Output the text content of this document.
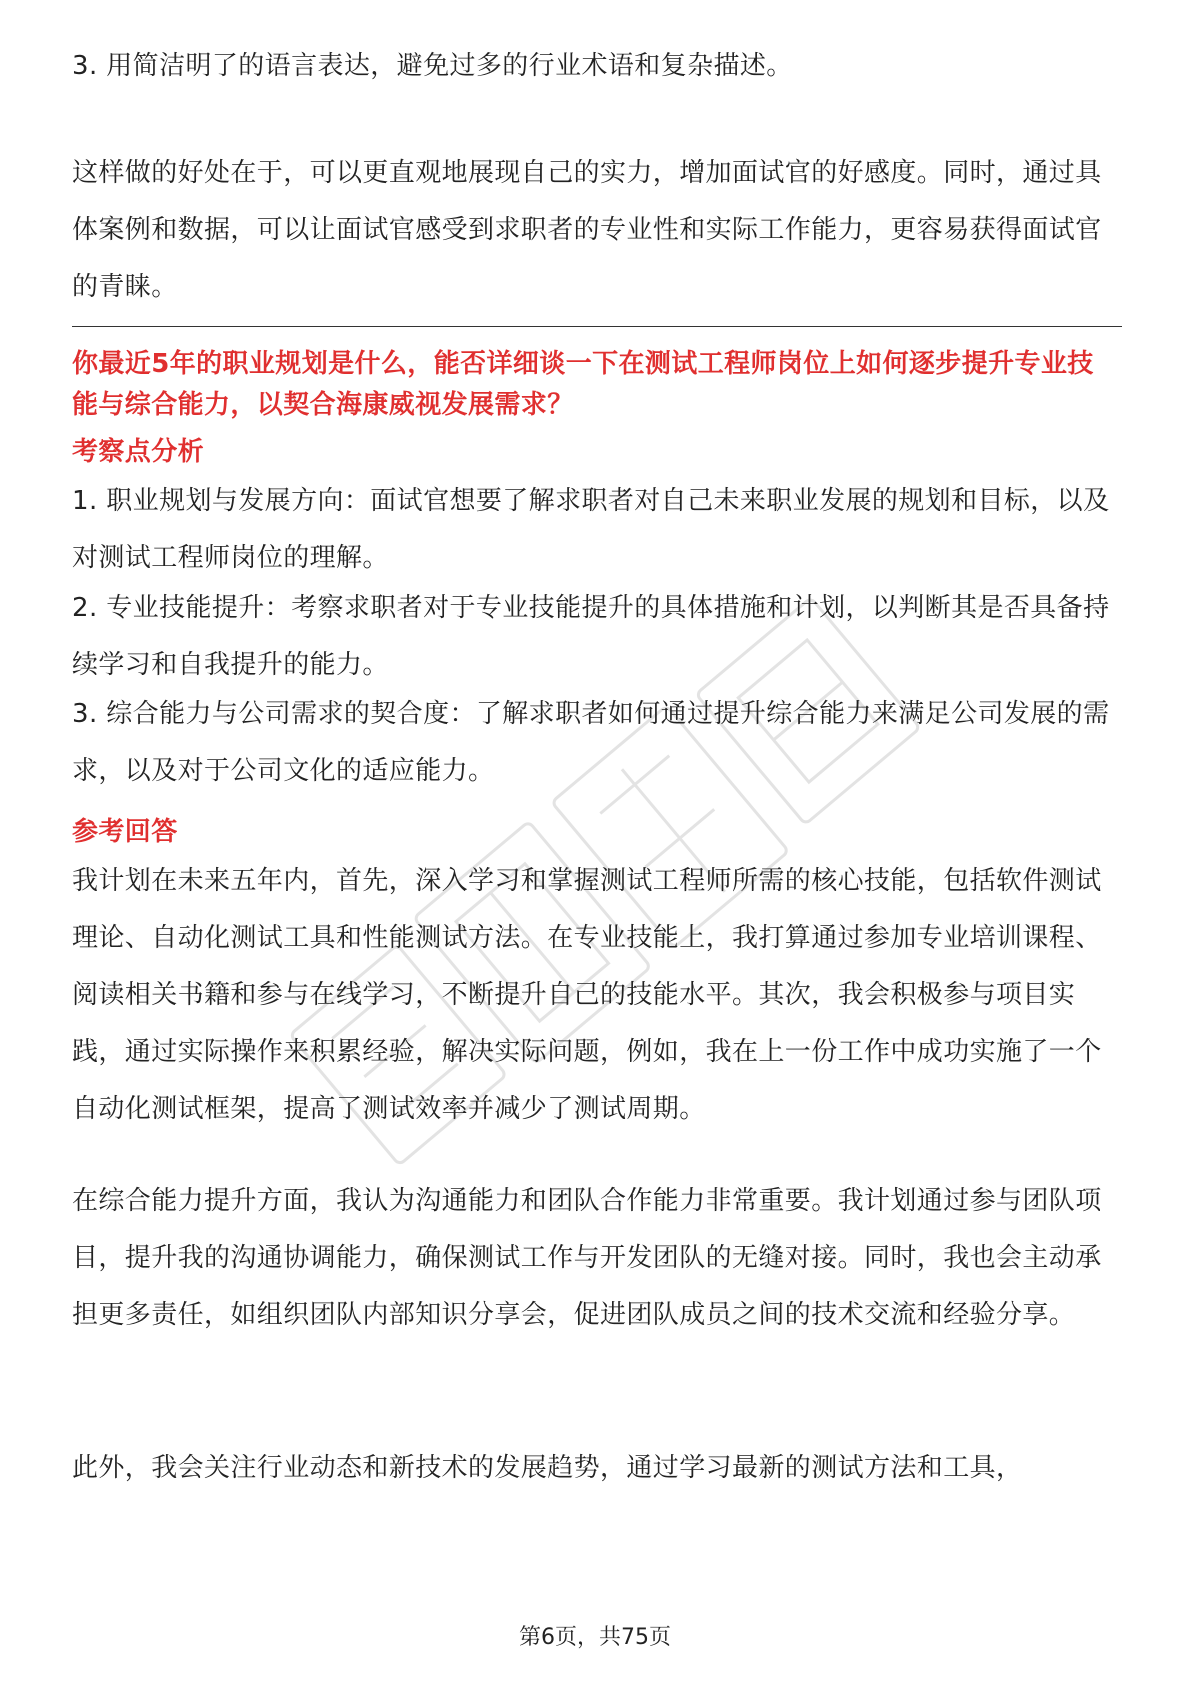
3. 用简洁明了的语言表达，避免过多的行业术语和复杂描述。

这样做的好处在于，可以更直观地展现自己的实力，增加面试官的好感度。同时，通过具体案例和数据，可以让面试官感受到求职者的专业性和实际工作能力，更容易获得面试官的青睐。

你最近5年的职业规划是什么，能否详细谈一下在测试工程师岗位上如何逐步提升专业技能与综合能力，以契合海康威视发展需求？

考察点分析

1. 职业规划与发展方向：面试官想要了解求职者对自己未来职业发展的规划和目标，以及对测试工程师岗位的理解。

2. 专业技能提升：考察求职者对于专业技能提升的具体措施和计划，以判断其是否具备持续学习和自我提升的能力。

3. 综合能力与公司需求的契合度：了解求职者如何通过提升综合能力来满足公司发展的需求，以及对于公司文化的适应能力。

参考回答

我计划在未来五年内，首先，深入学习和掌握测试工程师所需的核心技能，包括软件测试理论、自动化测试工具和性能测试方法。在专业技能上，我打算通过参加专业培训课程、阅读相关书籍和参与在线学习，不断提升自己的技能水平。其次，我会积极参与项目实践，通过实际操作来积累经验，解决实际问题，例如，我在上一份工作中成功实施了一个自动化测试框架，提高了测试效率并减少了测试周期。

在综合能力提升方面，我认为沟通能力和团队合作能力非常重要。我计划通过参与团队项目，提升我的沟通协调能力，确保测试工作与开发团队的无缝对接。同时，我也会主动承担更多责任，如组织团队内部知识分享会，促进团队成员之间的技术交流和经验分享。

此外，我会关注行业动态和新技术的发展趋势，通过学习最新的测试方法和工具，

第6页，共75页
